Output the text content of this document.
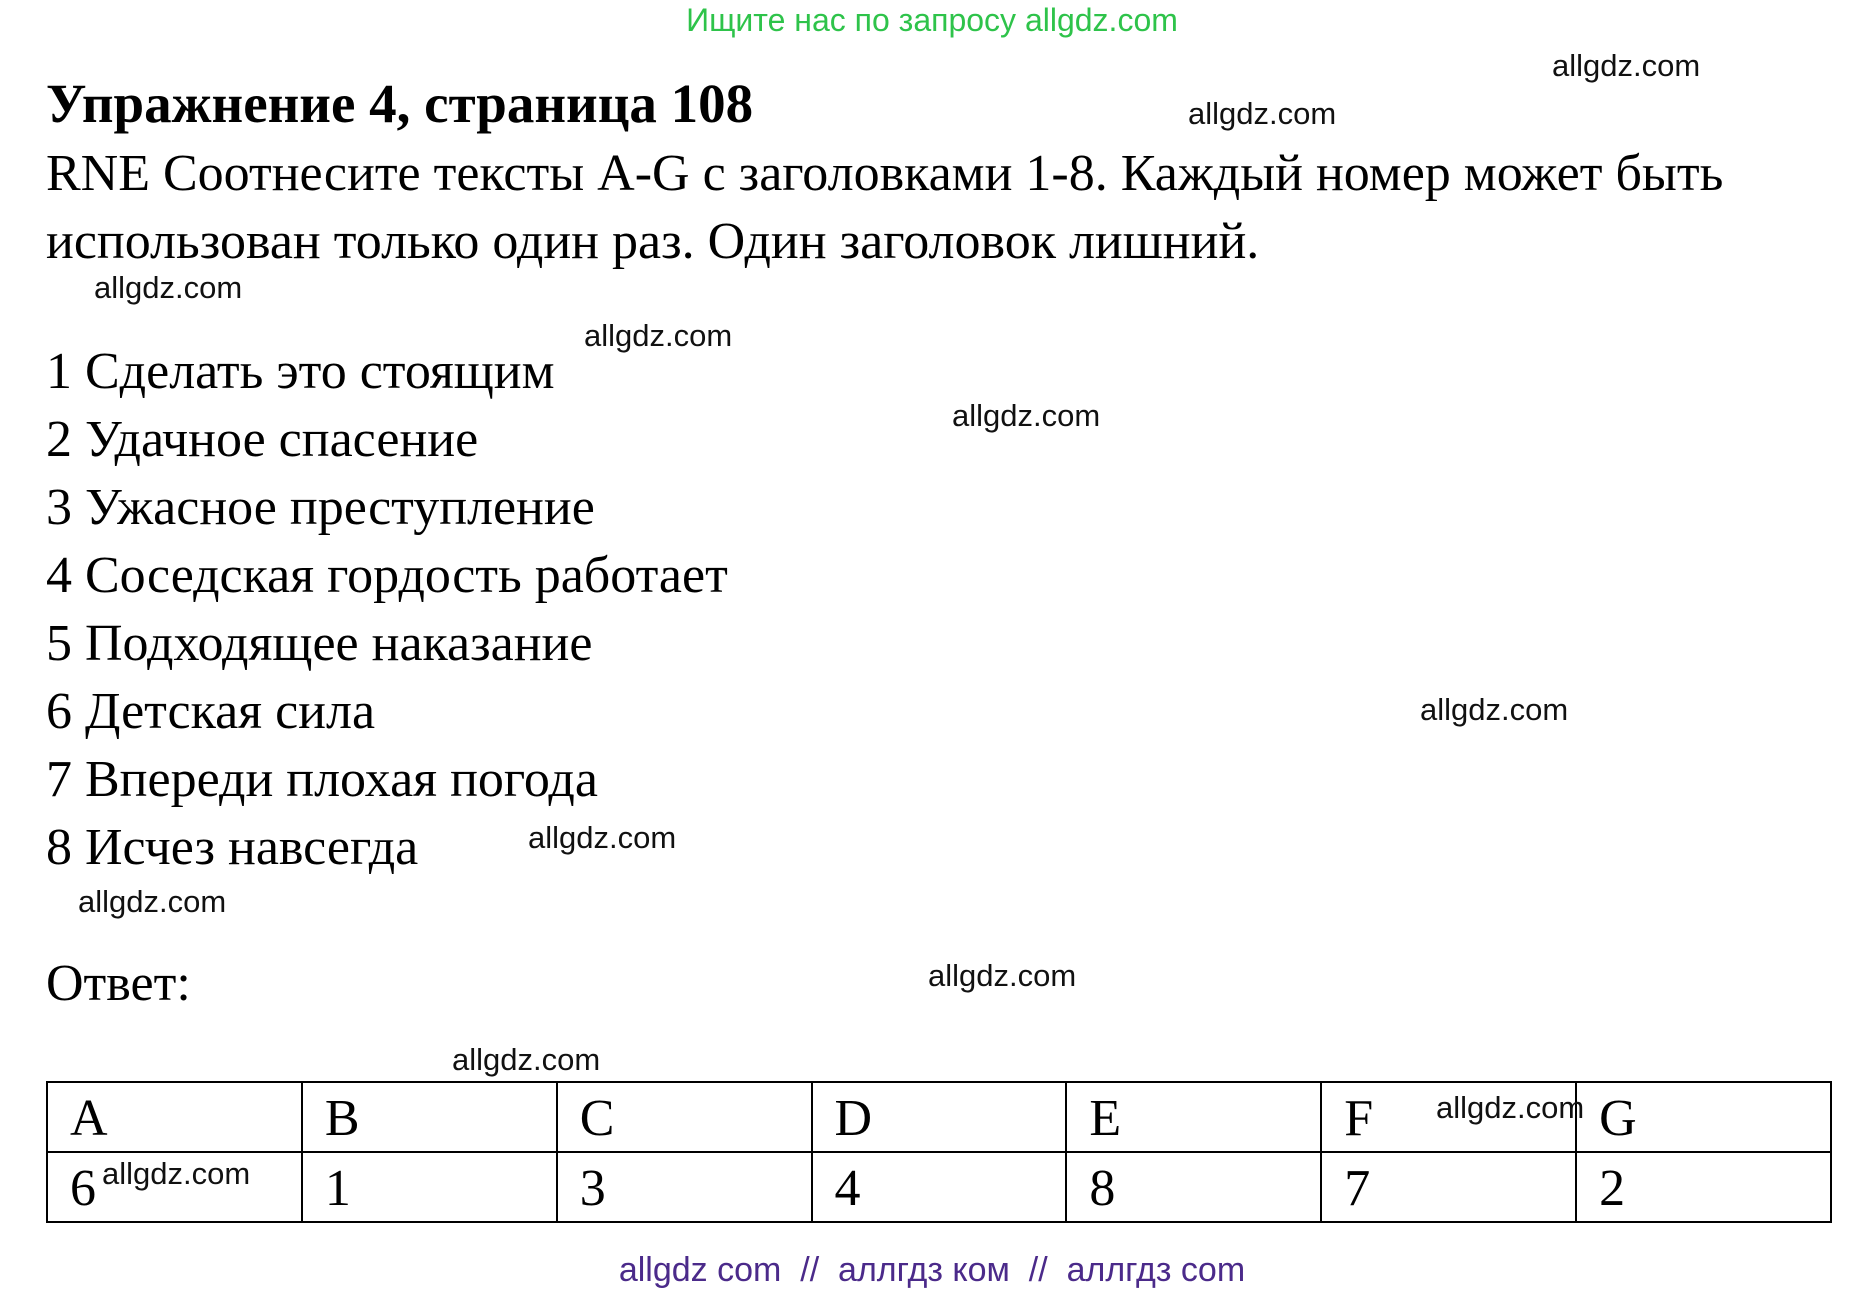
Ищите нас по запросу allgdz.com
Упражнение 4, страница 108
RNE Соотнесите тексты A-G с заголовками 1-8. Каждый номер может быть использован только один раз. Один заголовок лишний.
1 Сделать это стоящим
2 Удачное спасение
3 Ужасное преступление
4 Соседская гордость работает
5 Подходящее наказание
6 Детская сила
7 Впереди плохая погода
8 Исчез навсегда
Ответ:
A	B	C	D	E	F	G
6	1	3	4	8	7	2
allgdz.com
allgdz.com
allgdz.com
allgdz.com
allgdz.com
allgdz.com
allgdz.com
allgdz.com
allgdz.com
allgdz.com
allgdz.com
allgdz.com
allgdz com  //  аллгдз ком  //  аллгдз com
